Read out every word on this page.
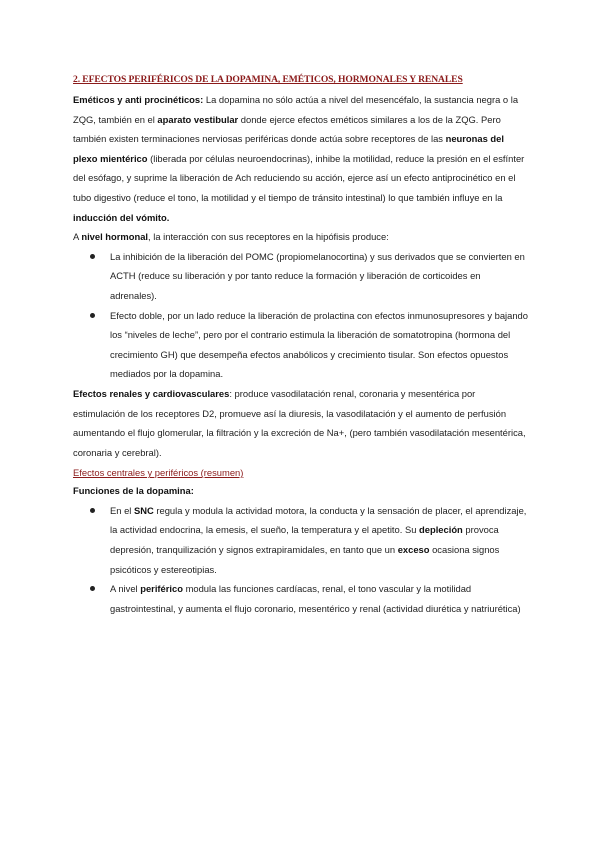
2. EFECTOS PERIFÉRICOS DE LA DOPAMINA, EMÉTICOS, HORMONALES Y RENALES

Eméticos y anti procinéticos: La dopamina no sólo actúa a nivel del mesencéfalo, la sustancia negra o la ZQG, también en el aparato vestibular donde ejerce efectos eméticos similares a los de la ZQG. Pero también existen terminaciones nerviosas periféricas donde actúa sobre receptores de las neuronas del plexo mientérico (liberada por células neuroendocrinas), inhibe la motilidad, reduce la presión en el esfínter del esófago, y suprime la liberación de Ach reduciendo su acción, ejerce así un efecto antiprocinético en el tubo digestivo (reduce el tono, la motilidad y el tiempo de tránsito intestinal) lo que también influye en la inducción del vómito.

A nivel hormonal, la interacción con sus receptores en la hipófisis produce:

La inhibición de la liberación del POMC (propiomelanocortina) y sus derivados que se convierten en ACTH (reduce su liberación y por tanto reduce la formación y liberación de corticoides en adrenales).
Efecto doble, por un lado reduce la liberación de prolactina con efectos inmunosupresores y bajando los “niveles de leche”, pero por el contrario estimula la liberación de somatotropina (hormona del crecimiento GH) que desempeña efectos anabólicos y crecimiento tisular. Son efectos opuestos mediados por la dopamina.

Efectos renales y cardiovasculares: produce vasodilatación renal, coronaria y mesentérica por estimulación de los receptores D2, promueve así la diuresis, la vasodilatación y el aumento de perfusión aumentando el flujo glomerular, la filtración y la excreción de Na+, (pero también vasodilatación mesentérica, coronaria y cerebral).

Efectos centrales y periféricos (resumen)

Funciones de la dopamina:

En el SNC regula y modula la actividad motora, la conducta y la sensación de placer, el aprendizaje, la actividad endocrina, la emesis, el sueño, la temperatura y el apetito. Su depleción provoca depresión, tranquilización y signos extrapiramidales, en tanto que un exceso ocasiona signos psicóticos y estereotipias.
A nivel periférico modula las funciones cardíacas, renal, el tono vascular y la motilidad gastrointestinal, y aumenta el flujo coronario, mesentérico y renal (actividad diurética y natriurética)
